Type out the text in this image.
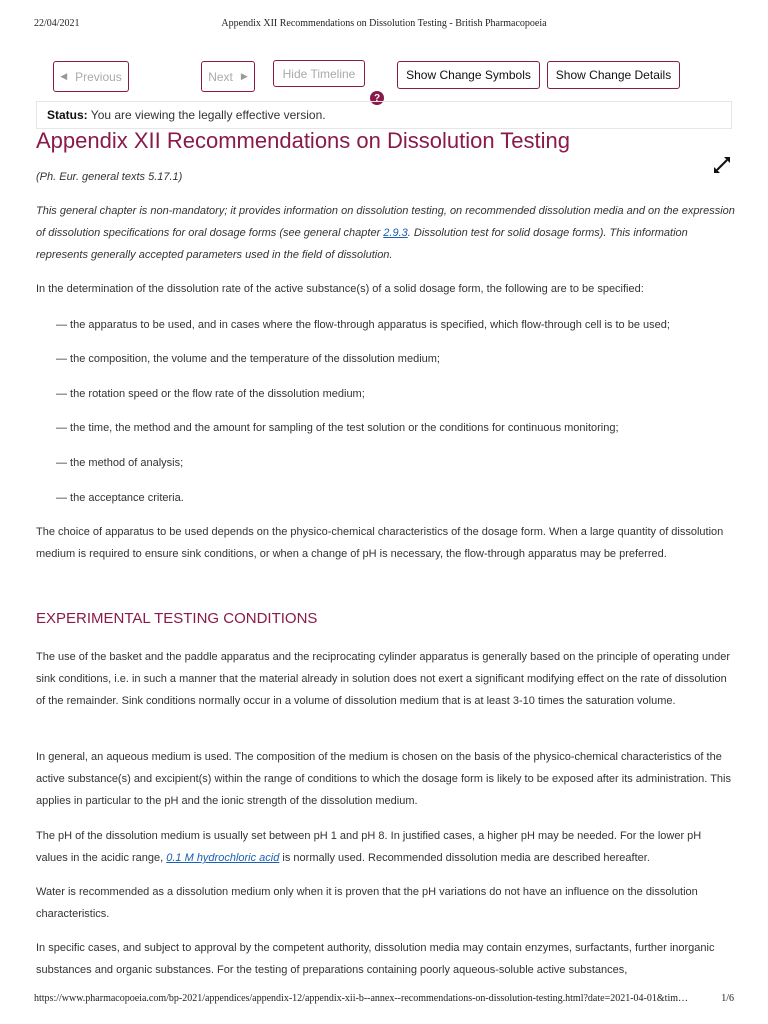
22/04/2021	Appendix XII Recommendations on Dissolution Testing - British Pharmacopoeia
◀ Previous	Next ▶	Hide Timeline	Show Change Symbols	Show Change Details
?
Status: You are viewing the legally effective version.
Appendix XII Recommendations on Dissolution Testing

(Ph. Eur. general texts 5.17.1)

This general chapter is non-mandatory; it provides information on dissolution testing, on recommended dissolution media and on the expression of dissolution specifications for oral dosage forms (see general chapter 2.9.3. Dissolution test for solid dosage forms). This information represents generally accepted parameters used in the field of dissolution.

In the determination of the dissolution rate of the active substance(s) of a solid dosage form, the following are to be specified:

— the apparatus to be used, and in cases where the flow-through apparatus is specified, which flow-through cell is to be used;

— the composition, the volume and the temperature of the dissolution medium;

— the rotation speed or the flow rate of the dissolution medium;

— the time, the method and the amount for sampling of the test solution or the conditions for continuous monitoring;

— the method of analysis;

— the acceptance criteria.

The choice of apparatus to be used depends on the physico-chemical characteristics of the dosage form. When a large quantity of dissolution medium is required to ensure sink conditions, or when a change of pH is necessary, the flow-through apparatus may be preferred.

EXPERIMENTAL TESTING CONDITIONS

The use of the basket and the paddle apparatus and the reciprocating cylinder apparatus is generally based on the principle of operating under sink conditions, i.e. in such a manner that the material already in solution does not exert a significant modifying effect on the rate of dissolution of the remainder. Sink conditions normally occur in a volume of dissolution medium that is at least 3-10 times the saturation volume.

In general, an aqueous medium is used. The composition of the medium is chosen on the basis of the physico-chemical characteristics of the active substance(s) and excipient(s) within the range of conditions to which the dosage form is likely to be exposed after its administration. This applies in particular to the pH and the ionic strength of the dissolution medium.

The pH of the dissolution medium is usually set between pH 1 and pH 8. In justified cases, a higher pH may be needed. For the lower pH values in the acidic range, 0.1 M hydrochloric acid is normally used. Recommended dissolution media are described hereafter.

Water is recommended as a dissolution medium only when it is proven that the pH variations do not have an influence on the dissolution characteristics.

In specific cases, and subject to approval by the competent authority, dissolution media may contain enzymes, surfactants, further inorganic substances and organic substances. For the testing of preparations containing poorly aqueous-soluble active substances,

https://www.pharmacopoeia.com/bp-2021/appendices/appendix-12/appendix-xii-b--annex--recommendations-on-dissolution-testing.html?date=2021-04-01&tim…	1/6
